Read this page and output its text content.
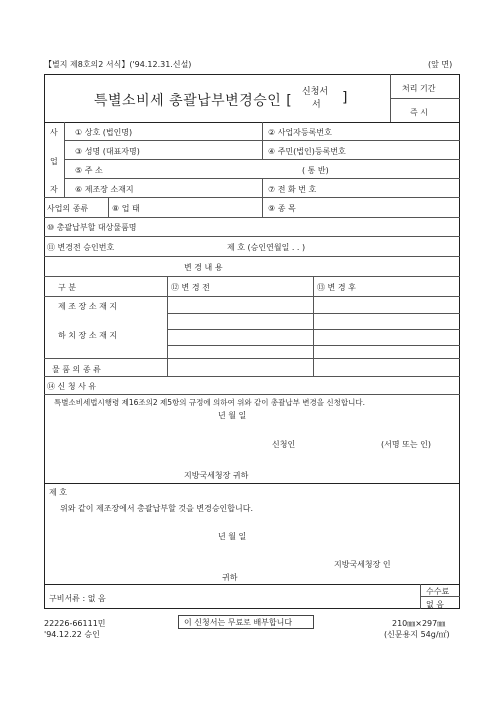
【별지 제8호의2 서식】('94.12.31.신설)	(앞 면)
특별소비세 총괄납부변경승인 [
신청서
서 ]
처리 기간
즉 시
사
업
자
① 상호 (법인명)	② 사업자등록번호
③ 성명 (대표자명)	④ 주민(법인)등록번호
⑤ 주 소	( 통 반)
⑥ 제조장 소재지	⑦ 전 화 번 호
사업의 종류	⑧ 업 태	⑨ 종 목
⑩ 총괄납부할 대상물품명
⑪ 변경전 승인번호	제 호 (승인연월일 . . )
변 경 내 용
구 분	⑫ 변 경 전	⑬ 변 경 후
제 조 장 소 재 지
하 치 장 소 재 지
물 품 의 종 류
⑭ 신 청 사 유
특별소비세법시행령 제16조의2 제5항의 규정에 의하여 위와 같이 총괄납부 변경을 신청합니다.
년 월 일
신청인	(서명 또는 인)
지방국세청장 귀하
제 호
위와 같이 제조장에서 총괄납부할 것을 변경승인합니다.
년 월 일
지방국세청장 인
귀하
구비서류 : 없 음
수수료
없 음
22226-66111민
'94.12.22 승인
이 신청서는 무료로 배부합니다	210㎜×297㎜
(신문용지 54g/㎡)
